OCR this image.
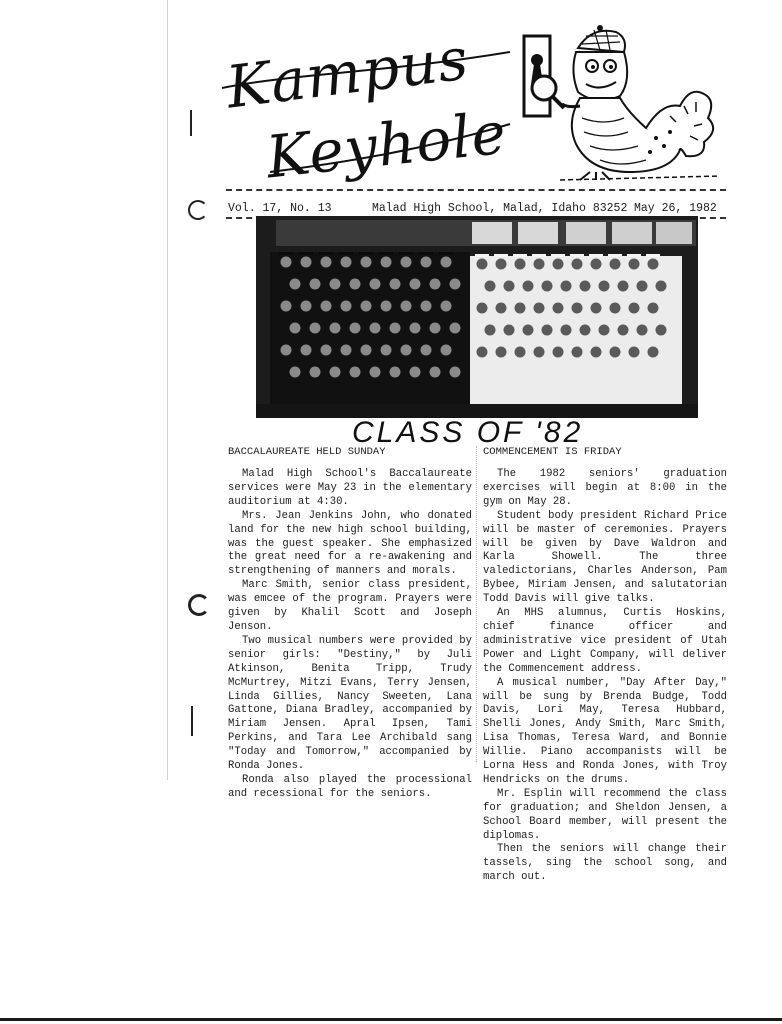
Kampus
Keyhole
Vol. 17, No. 13	Malad High School, Malad, Idaho 83252 May 26, 1982
CLASS OF '82
BACCALAUREATE HELD SUNDAY	COMMENCEMENT IS FRIDAY

Malad High School's Baccalaureate services were May 23 in the elementary auditorium at 4:30.

Mrs. Jean Jenkins John, who donated land for the new high school building, was the guest speaker. She emphasized the great need for a re-awakening and strengthening of manners and morals.

Marc Smith, senior class president, was emcee of the program. Prayers were given by Khalil Scott and Joseph Jenson.

Two musical numbers were provided by senior girls: "Destiny," by Juli Atkinson, Benita Tripp, Trudy McMurtrey, Mitzi Evans, Terry Jensen, Linda Gillies, Nancy Sweeten, Lana Gattone, Diana Bradley, accompanied by Miriam Jensen. Apral Ipsen, Tami Perkins, and Tara Lee Archibald sang "Today and Tomorrow," accompanied by Ronda Jones.

Ronda also played the processional and recessional for the seniors.

The 1982 seniors' graduation exercises will begin at 8:00 in the gym on May 28.

Student body president Richard Price will be master of ceremonies. Prayers will be given by Dave Waldron and Karla Showell. The three valedictorians, Charles Anderson, Pam Bybee, Miriam Jensen, and salutatorian Todd Davis will give talks.

An MHS alumnus, Curtis Hoskins, chief finance officer and administrative vice president of Utah Power and Light Company, will deliver the Commencement address.

A musical number, "Day After Day," will be sung by Brenda Budge, Todd Davis, Lori May, Teresa Hubbard, Shelli Jones, Andy Smith, Marc Smith, Lisa Thomas, Teresa Ward, and Bonnie Willie. Piano accompanists will be Lorna Hess and Ronda Jones, with Troy Hendricks on the drums.

Mr. Esplin will recommend the class for graduation; and Sheldon Jensen, a School Board member, will present the diplomas.

Then the seniors will change their tassels, sing the school song, and march out.
